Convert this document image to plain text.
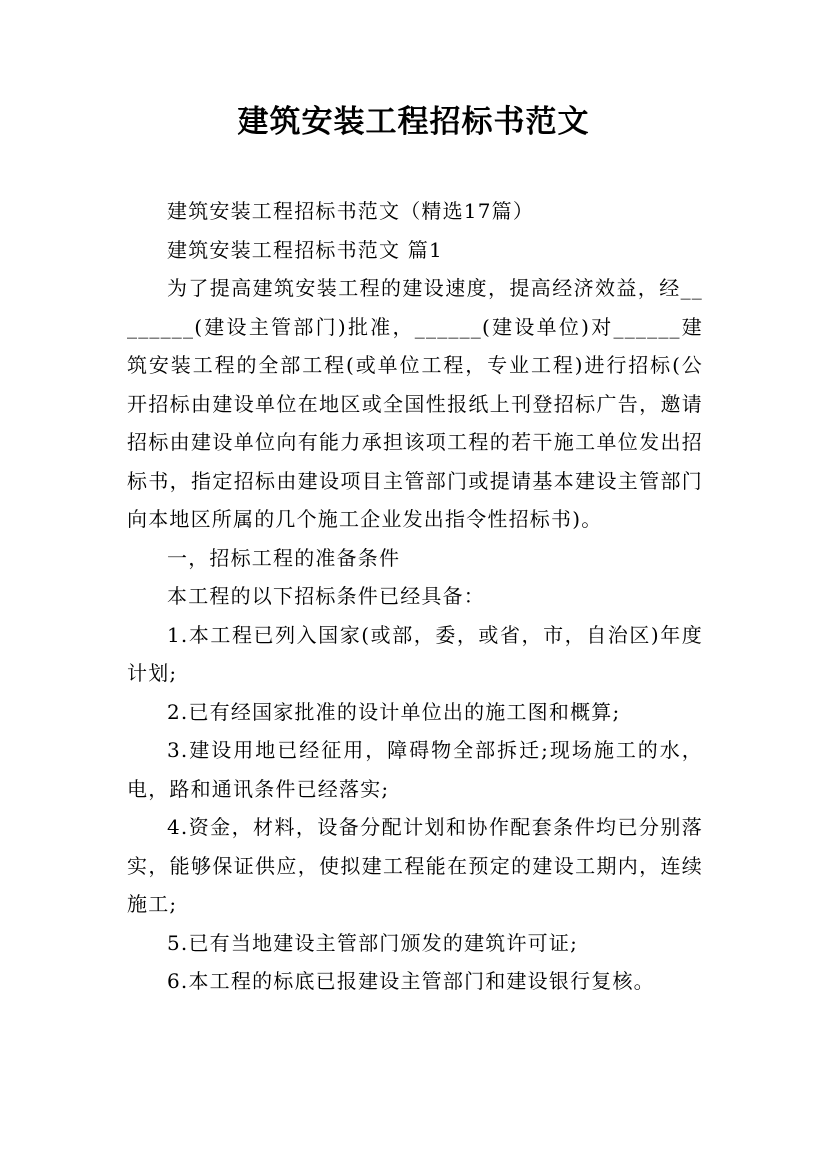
建筑安装工程招标书范文

建筑安装工程招标书范文（精选17篇）

建筑安装工程招标书范文 篇1

为了提高建筑安装工程的建设速度，提高经济效益，经________(建设主管部门)批准，______(建设单位)对______建筑安装工程的全部工程(或单位工程，专业工程)进行招标(公开招标由建设单位在地区或全国性报纸上刊登招标广告，邀请招标由建设单位向有能力承担该项工程的若干施工单位发出招标书，指定招标由建设项目主管部门或提请基本建设主管部门向本地区所属的几个施工企业发出指令性招标书)。

一，招标工程的准备条件

本工程的以下招标条件已经具备：

1.本工程已列入国家(或部，委，或省，市，自治区)年度计划;

2.已有经国家批准的设计单位出的施工图和概算;

3.建设用地已经征用，障碍物全部拆迁;现场施工的水，电，路和通讯条件已经落实;

4.资金，材料，设备分配计划和协作配套条件均已分别落实，能够保证供应，使拟建工程能在预定的建设工期内，连续施工;

5.已有当地建设主管部门颁发的建筑许可证;

6.本工程的标底已报建设主管部门和建设银行复核。
